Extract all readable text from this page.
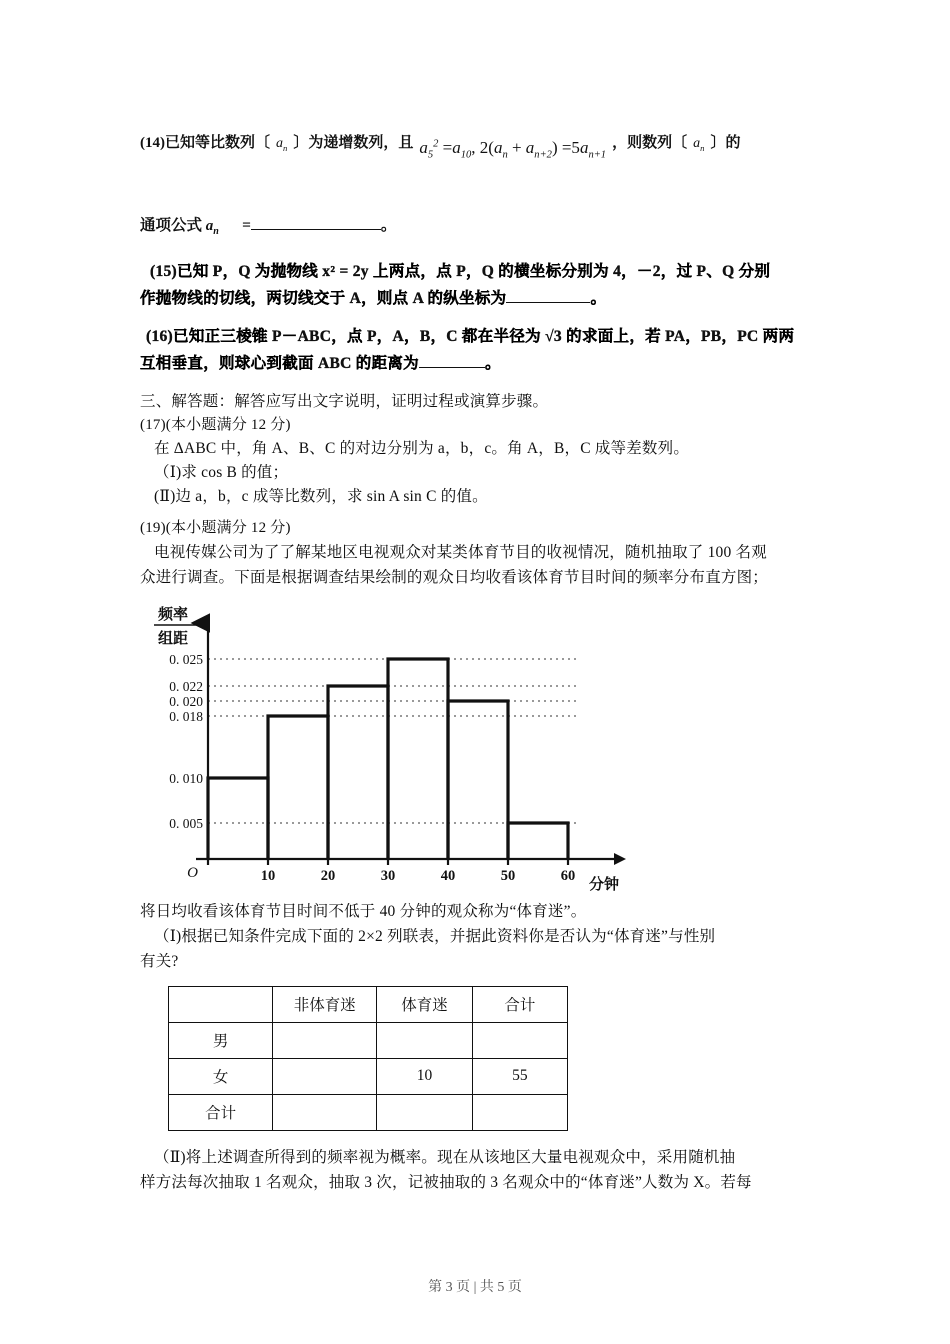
(14)已知等比数列〔 $a_n$ 〕为递增数列，且 $a_5^2 =a_{10}$, $2(a_n + a_{n+2}) =5a_{n+1}$
，则数列〔 $a_n$ 〕的
通项公式 $a_n$ =	。
(15)已知 P，Q 为抛物线 x² = 2y 上两点，点 P，Q 的横坐标分别为 4，－2，过 P、Q 分别
作抛物线的切线，两切线交于 A，则点 A 的纵坐标为	。
(16)已知正三棱锥 P－ABC，点 P，A，B，C 都在半径为 √3 的求面上，若 PA，PB，PC 两两
互相垂直，则球心到截面 ABC 的距离为	。
三、解答题：解答应写出文字说明，证明过程或演算步骤。
(17)(本小题满分 12 分)
在 ΔABC 中，角 A、B、C 的对边分别为 a，b，c。角 A，B，C 成等差数列。
（Ⅰ)求 cos B 的值；
(Ⅱ)边 a，b，c 成等比数列，求 sin A sin C 的值。
(19)(本小题满分 12 分)
电视传媒公司为了了解某地区电视观众对某类体育节目的收视情况，随机抽取了 100 名观
众进行调查。下面是根据调查结果绘制的观众日均收看该体育节目时间的频率分布直方图；
频率
组距
0. 025
0. 022
0. 020
0. 018
0. 010
0. 005
O	10	20	30	40	50	60
分钟
将日均收看该体育节目时间不低于 40 分钟的观众称为“体育迷”。
（Ⅰ)根据已知条件完成下面的 2×2 列联表，并据此资料你是否认为“体育迷”与性别
有关?
	非体育迷	体育迷	合计
男			
女		10	55
合计			
（Ⅱ)将上述调查所得到的频率视为概率。现在从该地区大量电视观众中，采用随机抽
样方法每次抽取 1 名观众，抽取 3 次，记被抽取的 3 名观众中的“体育迷”人数为 X。若每
第 3 页 | 共 5 页
